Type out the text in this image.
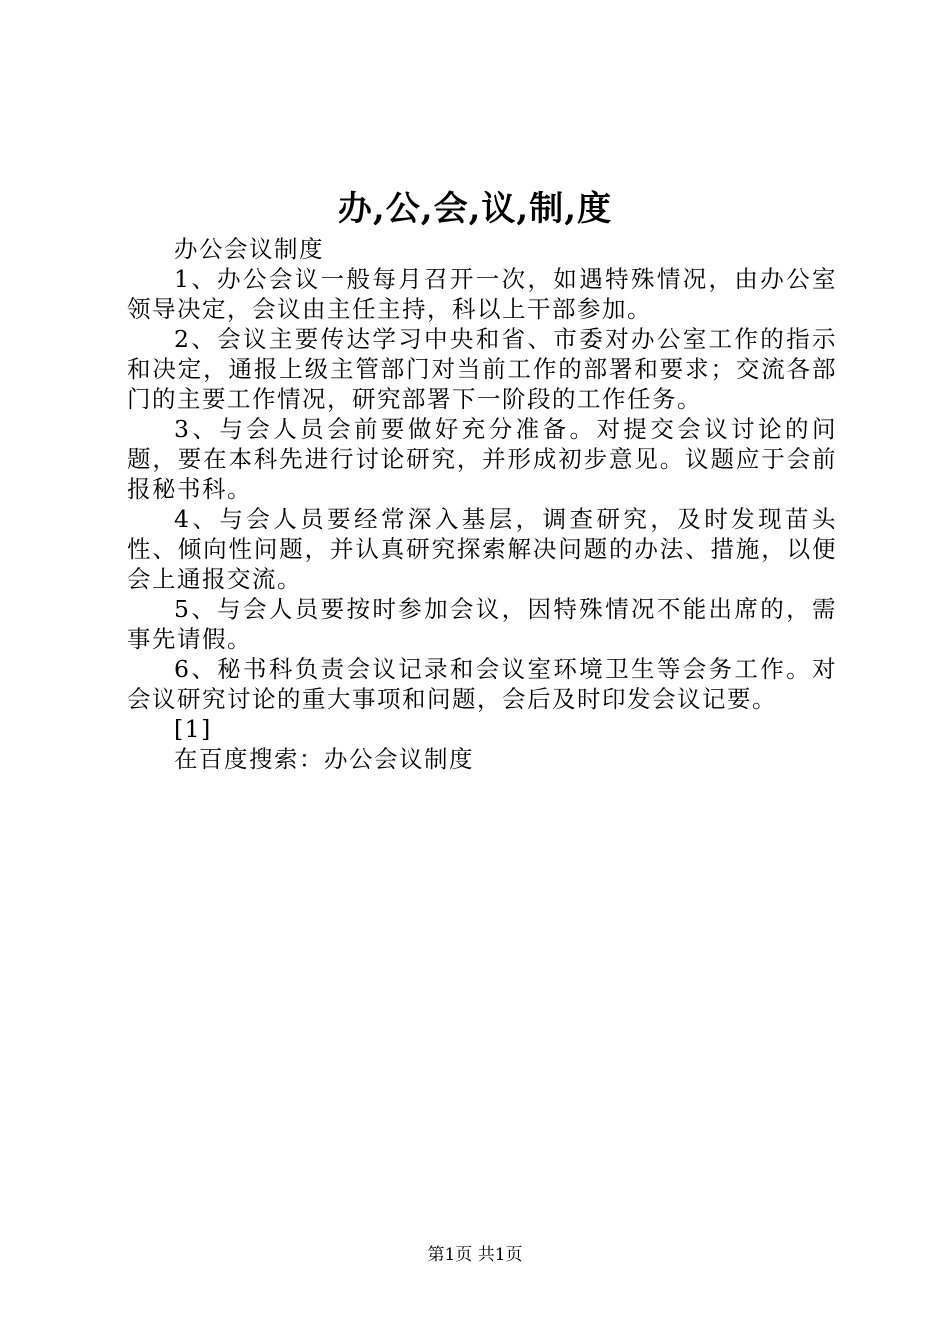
办,公,会,议,制,度

办公会议制度

1、办公会议一般每月召开一次，如遇特殊情况，由办公室领导决定，会议由主任主持，科以上干部参加。

2、会议主要传达学习中央和省、市委对办公室工作的指示和决定，通报上级主管部门对当前工作的部署和要求；交流各部门的主要工作情况，研究部署下一阶段的工作任务。

3、与会人员会前要做好充分准备。对提交会议讨论的问题，要在本科先进行讨论研究，并形成初步意见。议题应于会前报秘书科。

4、与会人员要经常深入基层，调查研究，及时发现苗头性、倾向性问题，并认真研究探索解决问题的办法、措施，以便会上通报交流。

5、与会人员要按时参加会议，因特殊情况不能出席的，需事先请假。

6、秘书科负责会议记录和会议室环境卫生等会务工作。对会议研究讨论的重大事项和问题，会后及时印发会议记要。

[1]

在百度搜索：办公会议制度

第1页 共1页
